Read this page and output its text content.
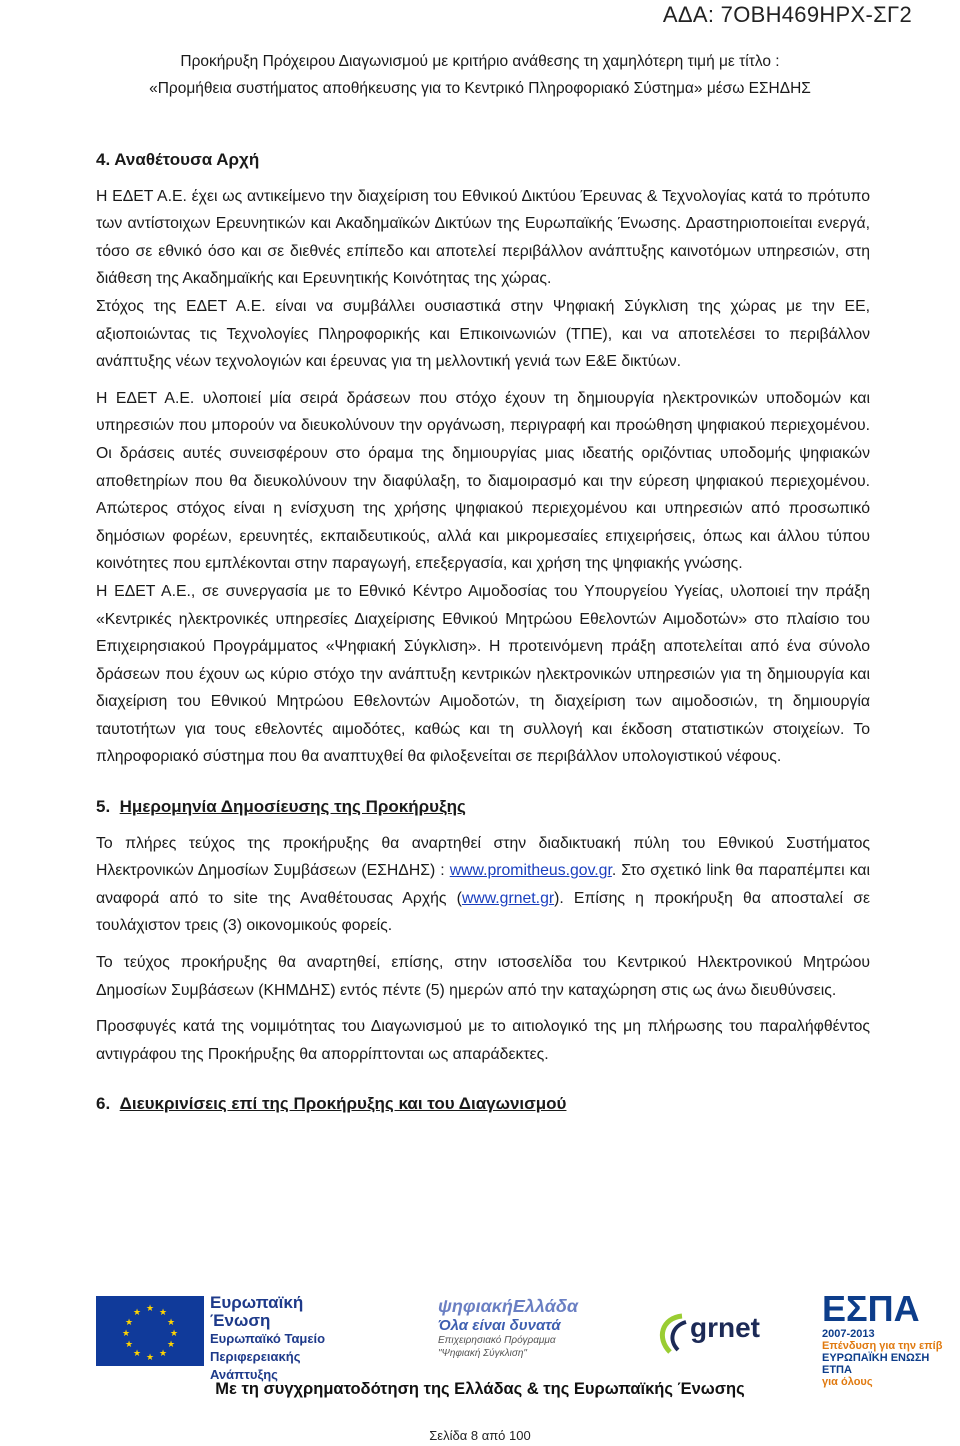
ΑΔΑ: 7ΟΒΗ469ΗΡΧ-ΣΓ2
Προκήρυξη Πρόχειρου Διαγωνισμού με κριτήριο ανάθεσης τη χαμηλότερη τιμή με τίτλο :
«Προμήθεια συστήματος αποθήκευσης για το Κεντρικό Πληροφοριακό Σύστημα» μέσω ΕΣΗΔΗΣ
4. Αναθέτουσα Αρχή

Η ΕΔΕΤ Α.Ε. έχει ως αντικείμενο την διαχείριση του Εθνικού Δικτύου Έρευνας & Τεχνολογίας κατά το πρότυπο των αντίστοιχων Ερευνητικών και Ακαδημαϊκών Δικτύων της Ευρωπαϊκής Ένωσης. Δραστηριοποιείται ενεργά, τόσο σε εθνικό όσο και σε διεθνές επίπεδο και αποτελεί περιβάλλον ανάπτυξης καινοτόμων υπηρεσιών, στη διάθεση της Ακαδημαϊκής και Ερευνητικής Κοινότητας της χώρας.

Στόχος της ΕΔΕΤ Α.Ε. είναι να συμβάλλει ουσιαστικά στην Ψηφιακή Σύγκλιση της χώρας με την ΕΕ, αξιοποιώντας τις Τεχνολογίες Πληροφορικής και Επικοινωνιών (ΤΠΕ), και να αποτελέσει το περιβάλλον ανάπτυξης νέων τεχνολογιών και έρευνας για τη μελλοντική γενιά των Ε&Ε δικτύων.

Η ΕΔΕΤ Α.Ε. υλοποιεί μία σειρά δράσεων που στόχο έχουν τη δημιουργία ηλεκτρονικών υποδομών και υπηρεσιών που μπορούν να διευκολύνουν την οργάνωση, περιγραφή και προώθηση ψηφιακού περιεχομένου. Οι δράσεις αυτές συνεισφέρουν στο όραμα της δημιουργίας μιας ιδεατής οριζόντιας υποδομής ψηφιακών αποθετηρίων που θα διευκολύνουν την διαφύλαξη, το διαμοιρασμό και την εύρεση ψηφιακού περιεχομένου. Απώτερος στόχος είναι η ενίσχυση της χρήσης ψηφιακού περιεχομένου και υπηρεσιών από προσωπικό δημόσιων φορέων, ερευνητές, εκπαιδευτικούς, αλλά και μικρομεσαίες επιχειρήσεις, όπως και άλλου τύπου κοινότητες που εμπλέκονται στην παραγωγή, επεξεργασία, και χρήση της ψηφιακής γνώσης.

Η ΕΔΕΤ Α.Ε., σε συνεργασία με το Εθνικό Κέντρο Αιμοδοσίας του Υπουργείου Υγείας, υλοποιεί την πράξη «Κεντρικές ηλεκτρονικές υπηρεσίες Διαχείρισης Εθνικού Μητρώου Εθελοντών Αιμοδοτών» στο πλαίσιο του Επιχειρησιακού Προγράμματος «Ψηφιακή Σύγκλιση». Η προτεινόμενη πράξη αποτελείται από ένα σύνολο δράσεων που έχουν ως κύριο στόχο την ανάπτυξη κεντρικών ηλεκτρονικών υπηρεσιών για τη δημιουργία και διαχείριση του Εθνικού Μητρώου Εθελοντών Αιμοδοτών, τη διαχείριση των αιμοδοσιών, τη δημιουργία ταυτοτήτων για τους εθελοντές αιμοδότες, καθώς και τη συλλογή και έκδοση στατιστικών στοιχείων. Το πληροφοριακό σύστημα που θα αναπτυχθεί θα φιλοξενείται σε περιβάλλον υπολογιστικού νέφους.

5. Ημερομηνία Δημοσίευσης της Προκήρυξης

Το πλήρες τεύχος της προκήρυξης θα αναρτηθεί στην διαδικτυακή πύλη του Εθνικού Συστήματος Ηλεκτρονικών Δημοσίων Συμβάσεων (ΕΣΗΔΗΣ) : www.promitheus.gov.gr. Στο σχετικό link θα παραπέμπει και αναφορά από το site της Αναθέτουσας Αρχής (www.grnet.gr). Επίσης η προκήρυξη θα αποσταλεί σε τουλάχιστον τρεις (3) οικονομικούς φορείς.

Το τεύχος προκήρυξης θα αναρτηθεί, επίσης, στην ιστοσελίδα του Κεντρικού Ηλεκτρονικού Μητρώου Δημοσίων Συμβάσεων (ΚΗΜΔΗΣ) εντός πέντε (5) ημερών από την καταχώρηση στις ως άνω διευθύνσεις.

Προσφυγές κατά της νομιμότητας του Διαγωνισμού με το αιτιολογικό της μη πλήρωσης του παραλήφθέντος αντιγράφου της Προκήρυξης θα απορρίπτονται ως απαράδεκτες.

6. Διευκρινίσεις επί της Προκήρυξης και του Διαγωνισμού
★ ★
★
★
★
★
★
★
★
★
★
★
Ευρωπαϊκή Ένωση
Ευρωπαϊκό Ταμείο
Περιφερειακής
Ανάπτυξης
ψηφιακήΕλλάδα
Όλα είναι δυνατά
Επιχειρησιακό Πρόγραμμα
"Ψηφιακή Σύγκλιση"
grnet ΕΣΠΑ
2007-2013
Επένδυση για την επίβ
ΕΥΡΩΠΑΪΚΗ ΕΝΩΣΗ
ΕΤΠΑ
για όλους
Με τη συγχρηματοδότηση της Ελλάδας & της Ευρωπαϊκής Ένωσης
Σελίδα 8 από 100
